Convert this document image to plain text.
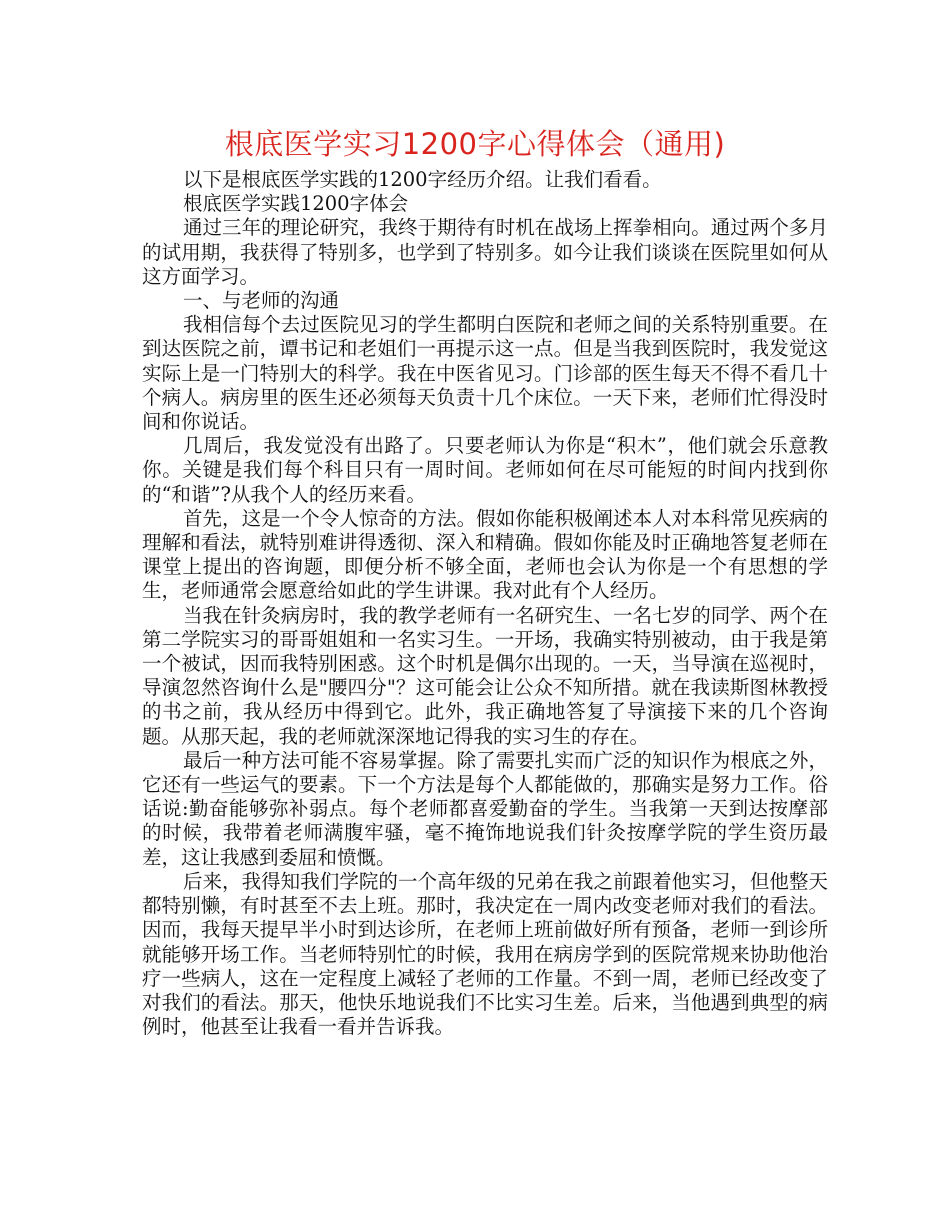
根底医学实习1200字心得体会（通用)

以下是根底医学实践的1200字经历介绍。让我们看看。

根底医学实践1200字体会

通过三年的理论研究，我终于期待有时机在战场上挥拳相向。通过两个多月的试用期，我获得了特别多，也学到了特别多。如今让我们谈谈在医院里如何从这方面学习。

一、与老师的沟通

我相信每个去过医院见习的学生都明白医院和老师之间的关系特别重要。在到达医院之前，谭书记和老姐们一再提示这一点。但是当我到医院时，我发觉这实际上是一门特别大的科学。我在中医省见习。门诊部的医生每天不得不看几十个病人。病房里的医生还必须每天负责十几个床位。一天下来，老师们忙得没时间和你说话。

几周后，我发觉没有出路了。只要老师认为你是“积木”，他们就会乐意教你。关键是我们每个科目只有一周时间。老师如何在尽可能短的时间内找到你的“和谐”?从我个人的经历来看。

首先，这是一个令人惊奇的方法。假如你能积极阐述本人对本科常见疾病的理解和看法，就特别难讲得透彻、深入和精确。假如你能及时正确地答复老师在课堂上提出的咨询题，即便分析不够全面，老师也会认为你是一个有思想的学生，老师通常会愿意给如此的学生讲课。我对此有个人经历。

当我在针灸病房时，我的教学老师有一名研究生、一名七岁的同学、两个在第二学院实习的哥哥姐姐和一名实习生。一开场，我确实特别被动，由于我是第一个被试，因而我特别困惑。这个时机是偶尔出现的。一天，当导演在巡视时，导演忽然咨询什么是"腰四分"？这可能会让公众不知所措。就在我读斯图林教授的书之前，我从经历中得到它。此外，我正确地答复了导演接下来的几个咨询题。从那天起，我的老师就深深地记得我的实习生的存在。

最后一种方法可能不容易掌握。除了需要扎实而广泛的知识作为根底之外，它还有一些运气的要素。下一个方法是每个人都能做的，那确实是努力工作。俗话说:勤奋能够弥补弱点。每个老师都喜爱勤奋的学生。当我第一天到达按摩部的时候，我带着老师满腹牢骚，毫不掩饰地说我们针灸按摩学院的学生资历最差，这让我感到委屈和愤慨。

后来，我得知我们学院的一个高年级的兄弟在我之前跟着他实习，但他整天都特别懒，有时甚至不去上班。那时，我决定在一周内改变老师对我们的看法。因而，我每天提早半小时到达诊所，在老师上班前做好所有预备，老师一到诊所就能够开场工作。当老师特别忙的时候，我用在病房学到的医院常规来协助他治疗一些病人，这在一定程度上减轻了老师的工作量。不到一周，老师已经改变了对我们的看法。那天，他快乐地说我们不比实习生差。后来，当他遇到典型的病例时，他甚至让我看一看并告诉我。
